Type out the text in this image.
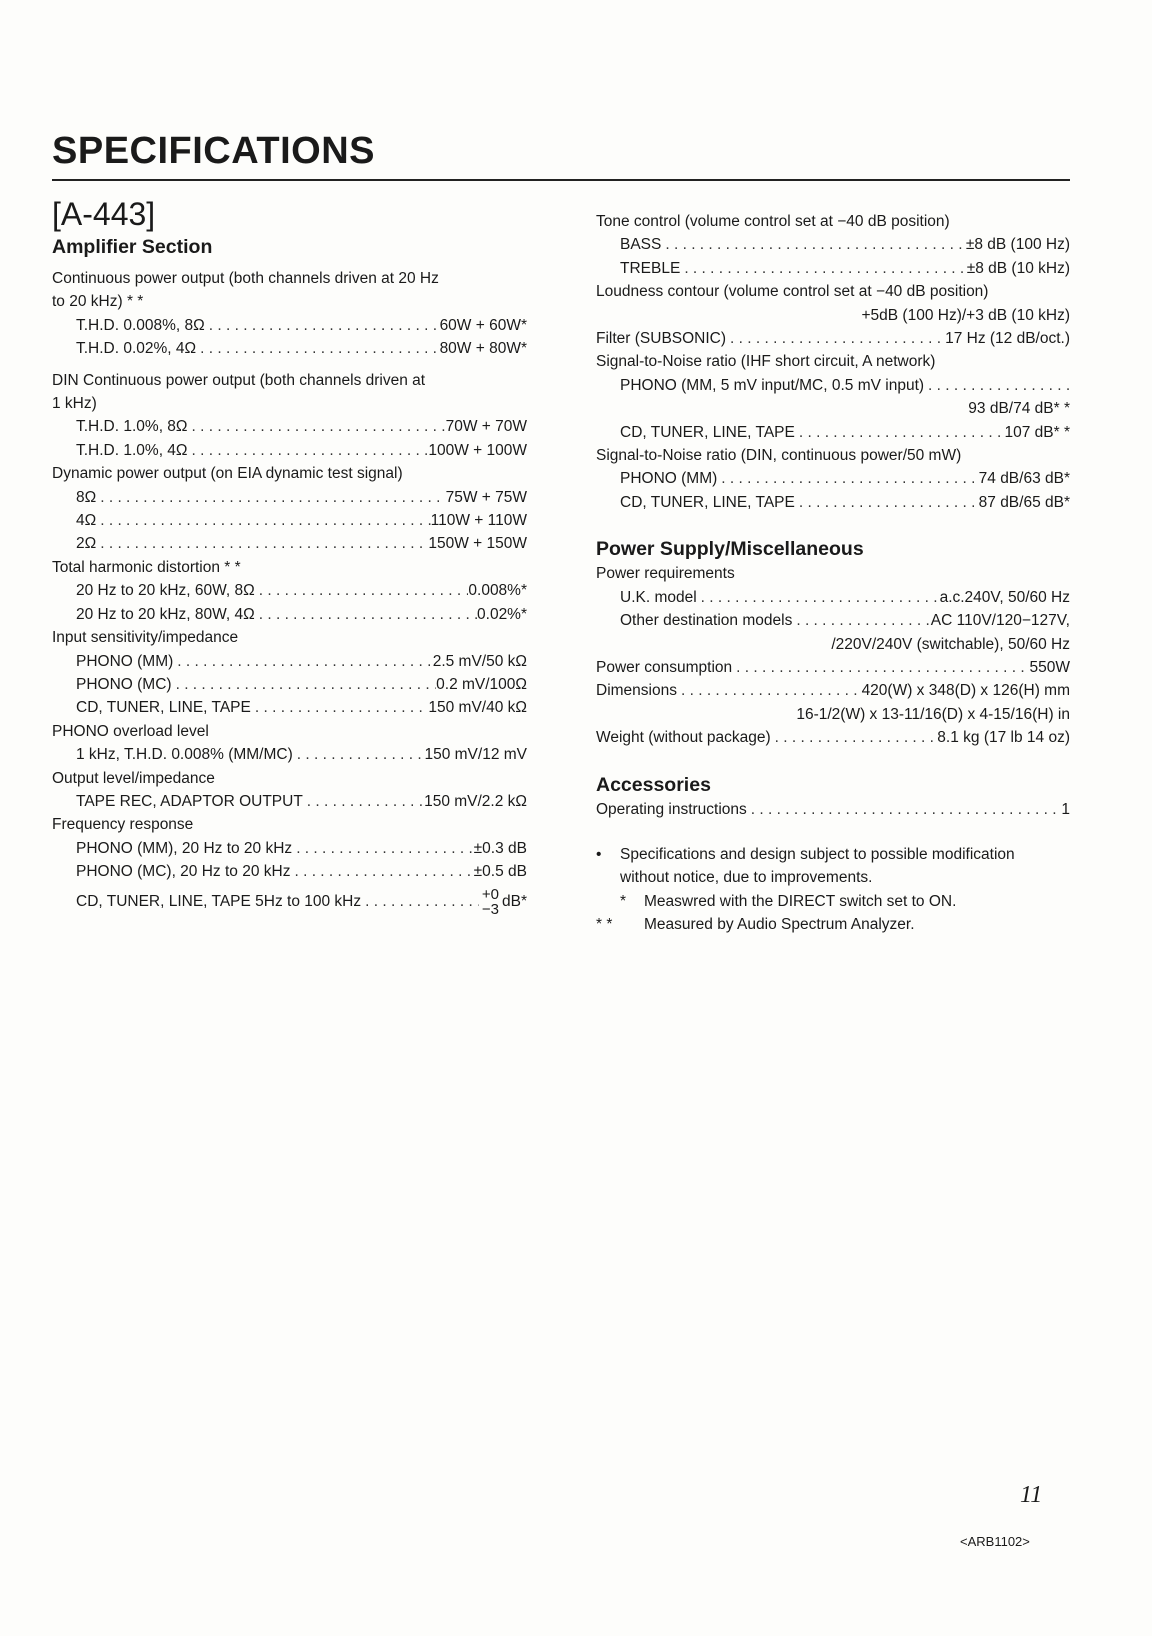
SPECIFICATIONS
[A-443]
Amplifier Section
Continuous power output (both channels driven at 20 Hz
to 20 kHz) * *
T.H.D. 0.008%, 8Ω . . .	60W + 60W*
T.H.D. 0.02%, 4Ω . . .	80W + 80W*
DIN Continuous power output (both channels driven at
1 kHz)
T.H.D. 1.0%, 8Ω . . .	70W + 70W
T.H.D. 1.0%, 4Ω . . .	100W + 100W
Dynamic power output (on EIA dynamic test signal)
8Ω . . .	75W + 75W
4Ω . . .	110W + 110W
2Ω . . .	150W + 150W
Total harmonic distortion * *
20 Hz to 20 kHz, 60W, 8Ω . . .	0.008%*
20 Hz to 20 kHz, 80W, 4Ω . . .	0.02%*
Input sensitivity/impedance
PHONO (MM) . . .	2.5 mV/50 kΩ
PHONO (MC) . . .	0.2 mV/100Ω
CD, TUNER, LINE, TAPE . . .	150 mV/40 kΩ
PHONO overload level
1 kHz, T.H.D. 0.008% (MM/MC) . . .	150 mV/12 mV
Output level/impedance
TAPE REC, ADAPTOR OUTPUT . . .	150 mV/2.2 kΩ
Frequency response
PHONO (MM), 20 Hz to 20 kHz . . .	±0.3 dB
PHONO (MC), 20 Hz to 20 kHz . . .	±0.5 dB
CD, TUNER, LINE, TAPE 5Hz to 100 kHz . . .	+0
−3 dB*
Tone control (volume control set at −40 dB position)
BASS . . .	±8 dB (100 Hz)
TREBLE . . .	±8 dB (10 kHz)
Loudness contour (volume control set at −40 dB position)
+5dB (100 Hz)/+3 dB (10 kHz)
Filter (SUBSONIC) . . .	17 Hz (12 dB/oct.)
Signal-to-Noise ratio (IHF short circuit, A network)
PHONO (MM, 5 mV input/MC, 0.5 mV input)
. . .
93 dB/74 dB* *
CD, TUNER, LINE, TAPE . . .	107 dB* *
Signal-to-Noise ratio (DIN, continuous power/50 mW)
PHONO (MM) . . .	74 dB/63 dB*
CD, TUNER, LINE, TAPE . . .	87 dB/65 dB*
Power Supply/Miscellaneous
Power requirements
U.K. model . . .	a.c.240V, 50/60 Hz
Other destination models . . .	AC 110V/120−127V,
/220V/240V (switchable), 50/60 Hz
Power consumption . . .	550W
Dimensions . . .	420(W) x 348(D) x 126(H) mm
16-1/2(W) x 13-11/16(D) x 4-15/16(H) in
Weight (without package) . . .	8.1 kg (17 lb 14 oz)
Accessories
Operating instructions . . .	1
•	Specifications and design subject to possible modification
without notice, due to improvements.
*	Measwred with the DIRECT switch set to ON.
* *	Measured by Audio Spectrum Analyzer.
11
<ARB1102>
